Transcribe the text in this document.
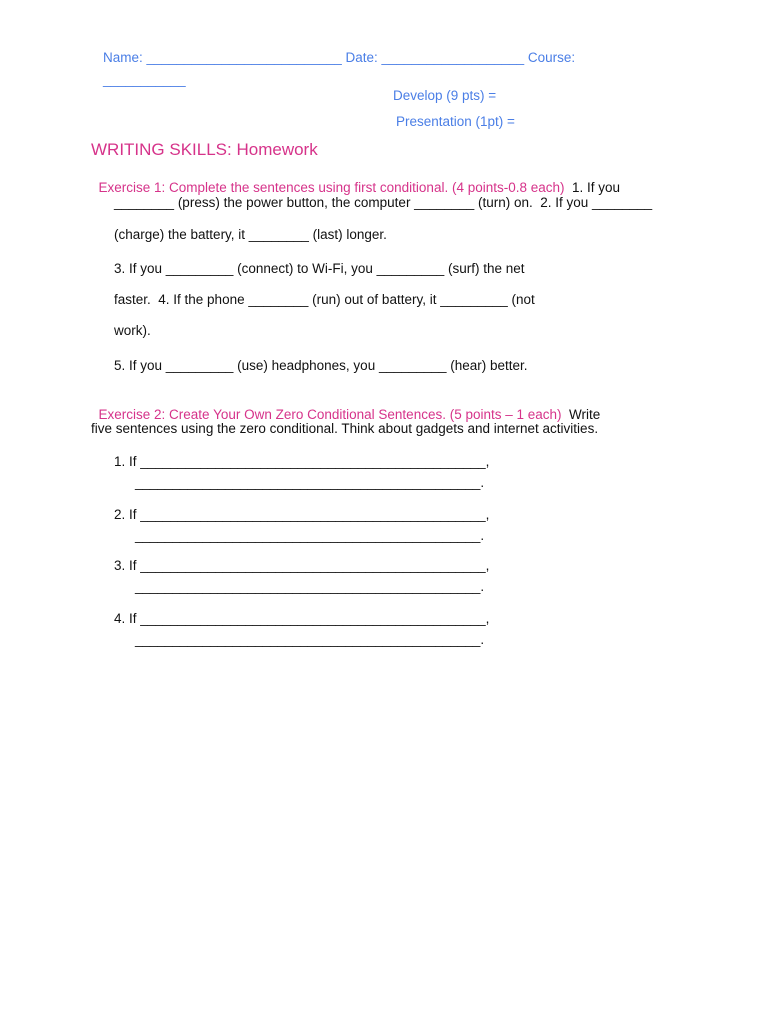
Name: __________________________ Date: ___________________ Course:
___________
Develop (9 pts) =
Presentation (1pt) =
WRITING SKILLS: Homework

Exercise 1: Complete the sentences using first conditional. (4 points-0.8 each) 1. If you

________ (press) the power button, the computer ________ (turn) on.  2. If you ________
(charge) the battery, it ________ (last) longer.
3. If you _________ (connect) to Wi-Fi, you _________ (surf) the net
faster.  4. If the phone ________ (run) out of battery, it _________ (not
work).
5. If you _________ (use) headphones, you _________ (hear) better.

Exercise 2: Create Your Own Zero Conditional Sentences. (5 points – 1 each) Write

five sentences using the zero conditional. Think about gadgets and internet activities.
1. If ______________________________________________,
______________________________________________.
2. If ______________________________________________,
______________________________________________.
3. If ______________________________________________,
______________________________________________.
4. If ______________________________________________,
______________________________________________.
